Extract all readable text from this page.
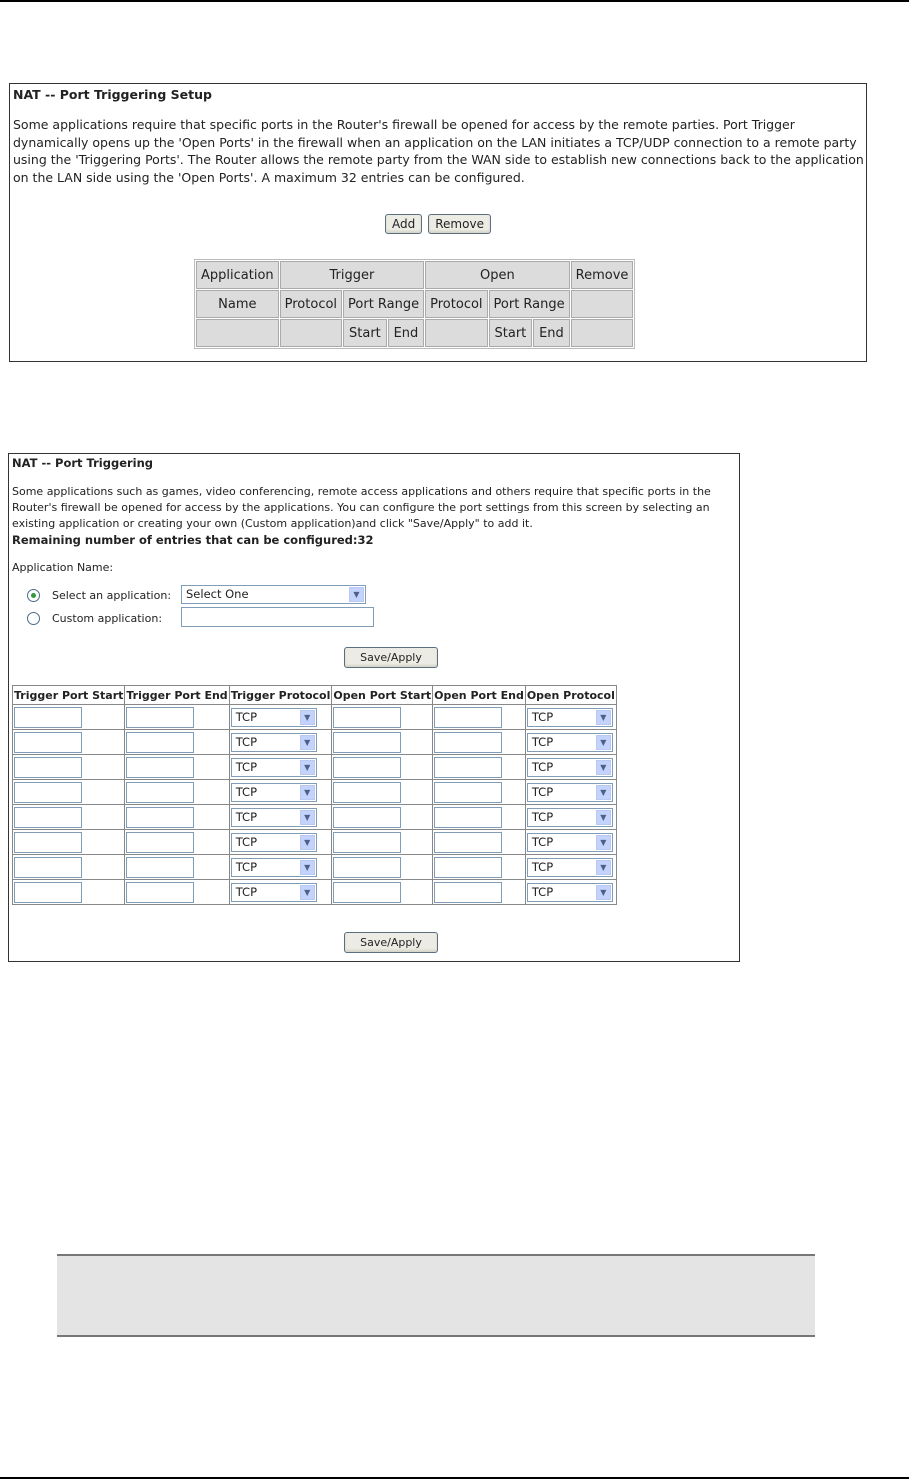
NAT -- Port Triggering Setup
Some applications require that specific ports in the Router's firewall be opened for access by the remote parties. Port Trigger dynamically opens up the 'Open Ports' in the firewall when an application on the LAN initiates a TCP/UDP connection to a remote party using the 'Triggering Ports'. The Router allows the remote party from the WAN side to establish new connections back to the application on the LAN side using the 'Open Ports'. A maximum 32 entries can be configured.
Add Remove
Application	Trigger			Open			Remove
Name	Protocol	Port Range		Protocol	Port Range		
		Start	End		Start	End	
NAT -- Port Triggering
Some applications such as games, video conferencing, remote access applications and others require that specific ports in the Router's firewall be opened for access by the applications. You can configure the port settings from this screen by selecting an existing application or creating your own (Custom application)and click "Save/Apply" to add it.
Remaining number of entries that can be configured:32
Application Name:
Select an application:	Select One	▼
Custom application:
Save/Apply
Trigger Port Start	Trigger Port End	Trigger Protocol	Open Port Start	Open Port End	Open Protocol

		TCP ▼			TCP ▼

		TCP ▼			TCP ▼

		TCP ▼			TCP ▼

		TCP ▼			TCP ▼

		TCP ▼			TCP ▼

		TCP ▼			TCP ▼

		TCP ▼			TCP ▼

		TCP ▼			TCP ▼
Save/Apply
